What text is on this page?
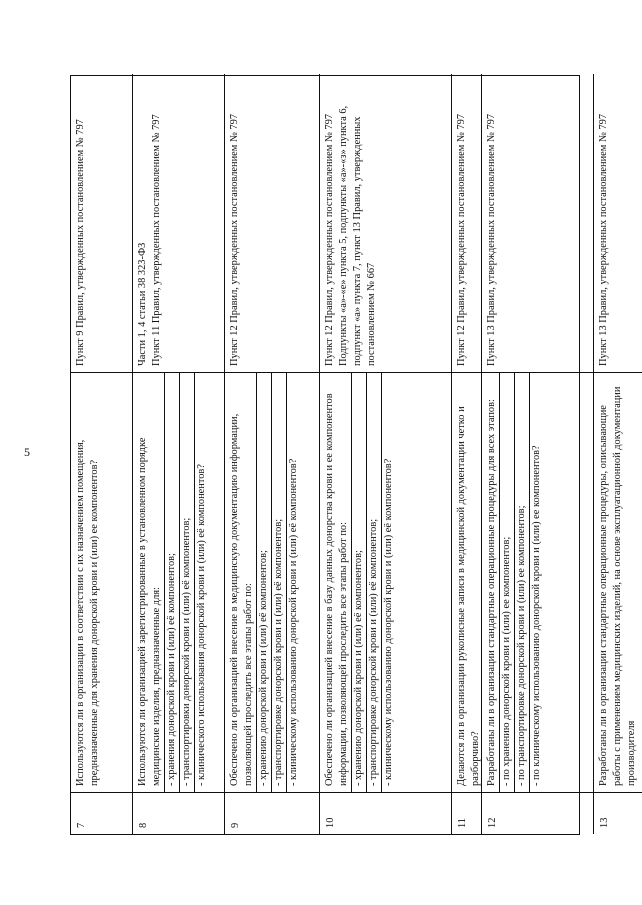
5
7
Используются ли в организации в соответствии с их назначением помещения, предназначенные для хранения донорской крови и (или) ее компонентов?
Пункт 9 Правил, утвержденных постановлением № 797
8
Используются ли организацией зарегистрированные в установленном порядке медицинские изделия, предназначенные для: - хранения донорской крови и (или) её компонентов; - транспортировки донорской крови и (или) её компонентов; - клинического использования донорской крови и (или) её компонентов?
Части 1, 4 статьи 38 323-ФЗ Пункт 11 Правил, утвержденных постановлением № 797
9
Обеспечено ли организацией внесение в медицинскую документацию информации, позволяющей проследить все этапы работ по: - хранению донорской крови и (или) её компонентов; - транспортировке донорской крови и (или) её компонентов; - клиническому использованию донорской крови и (или) её компонентов?
Пункт 12 Правил, утвержденных постановлением № 797
10
Обеспечено ли организацией внесение в базу данных донорства крови и ее компонентов информации, позволяющей проследить все этапы работ по: - хранению донорской крови и (или) её компонентов; - транспортировке донорской крови и (или) её компонентов; - клиническому использованию донорской крови и (или) её компонентов?
Пункт 12 Правил, утвержденных постановлением № 797 Подпункты «а»-«е» пункта 5, подпункты «а»-«з» пункта 6, подпункт «а» пункта 7, пункт 13 Правил, утвержденных постановлением № 667
11
Делаются ли в организации рукописные записи в медицинской документации четко и разборчиво?
Пункт 12 Правил, утвержденных постановлением № 797
12
Разработаны ли в организации стандартные операционные процедуры для всех этапов: - по хранению донорской крови и (или) ее компонентов; - по транспортировке донорской крови и (или) ее компонентов; - по клиническому использованию донорской крови и (или) ее компонентов?
Пункт 13 Правил, утвержденных постановлением № 797
13
Разработаны ли в организации стандартные операционные процедуры, описывающие работы с применением медицинских изделий, на основе эксплуатационной документации производителя
Пункт 13 Правил, утвержденных постановлением № 797
